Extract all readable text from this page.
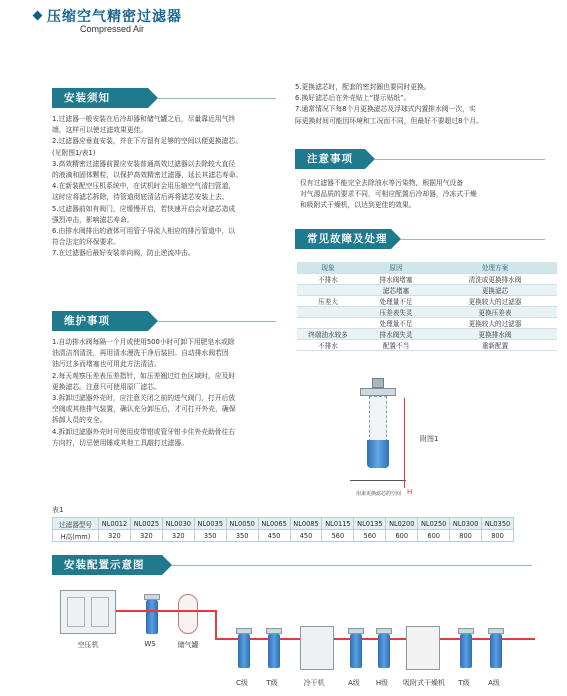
压缩空气精密过滤器
Compressed Air
安装须知

1.过滤器一般安装在后冷却器和储气罐之后，尽量靠近用气终

端，这样可以使过滤效果更佳。

2.过滤器应垂直安装，并在下方留有足够的空间以便更换滤芯。

(见附图1/表1)

3.高效精密过滤器前置应安装普通高效过滤器以去除较大直径

的液滴和固体颗粒，以保护高效精密过滤器，延长其滤芯寿命。

4.在新装配空压机系统中，在试机时会用压缩空气清扫管道，

这时应将滤芯拆除，待管道彻底清洁后再将滤芯安装上去。

5.过滤器前如有阀门，应缓慢开启，若快速开启会对滤芯造成

强烈冲击，影响滤芯寿命。

6.由排水阀排出的液体可用管子导流入相应的排污管道中，以

符合法定的环保要求。

7.在过滤器后最好安装单向阀，防止逆流冲击。

维护事项

1.自动排水阀每隔一个月或使用500小时可卸下用肥皂水或除

油清洁剂清洗，再用清水漫洗干净后装回。自动排水阀若因

油污过多而堵塞也可用此方法清洁。

2.每天观察压差表压差指针，如压差翘过红色区域时，应及时

更换滤芯。注意只可使用原厂滤芯。

3.拆卸过滤器外壳时，应注意关闭之前的进气阀门，打开后放

空阀或其他排气装置，确认充分卸压后，才可打开外壳，确保

拆卸人员的安全。

4.拆卸过滤器外壳时可使用皮带钳或管牙钳卡住外壳助骨往右

方向拧，切忌使用锤或其他工具敲打过滤器。

5.更换滤芯时，配套的密封圈也要同时更换。

6.换好滤芯后在外壳贴上“提示贴纸”。

7.通常情况下每8个月更换滤芯及浮球式内置排水阀一次，实

际更换时间可能因环境和工况而不同，但最好不要超过8个月。

注意事项

仅有过滤器不能完全去除油水等污染物，根据用气设备

对气源品质的要求不同，可相应配置后冷却器，冷冻式干燥

和吸附式干燥机，以达到更佳的效果。

常见故障及处理
现象	原因	处理方案
不排水	排水阀堵塞	清洗或更换排水阀
	滤芯堵塞	更换滤芯
压差大	处理量不足	更换较大的过滤器
	压差表失灵	更换压差表
	处理量不足	更换较大的过滤器
终端油水较多	排水阀失灵	更换排水阀
不排水	配置不当	重新配置
H
用来更换滤芯的空间
附图1
表1
过滤器型号	NL0012	NL0025	NL0030	NL0035	NL0050	NL0065	NL0085	NL0115	NL0135	NL0200	NL0250	NL0300	NL0350
H高(mm)	320	320	320	350	350	450	450	560	560	600	600	800	800
安装配置示意图
空压机	WS	储气罐
C级	T级	冷干机	A级	H级	吸附式干燥机	T级	A级
